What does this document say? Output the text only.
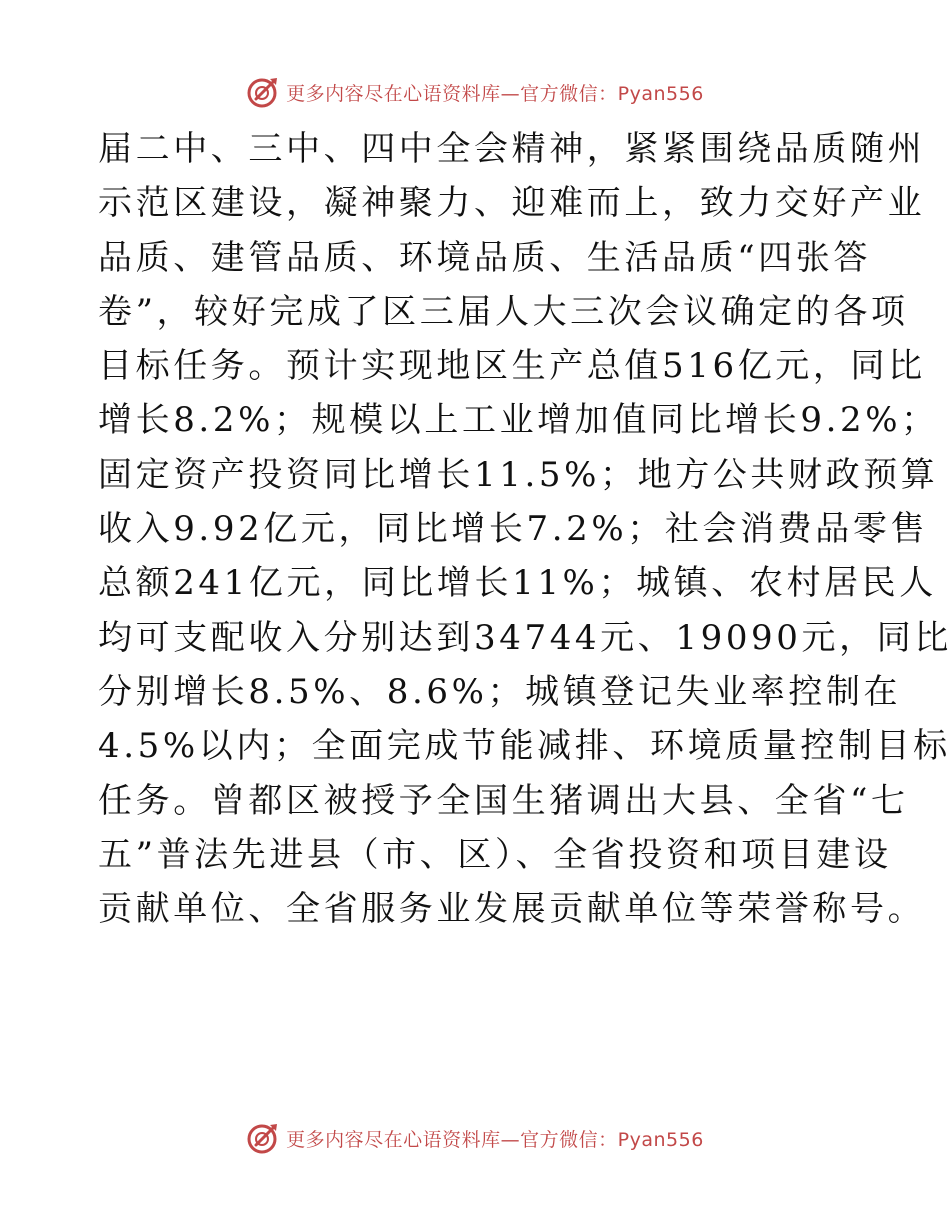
更多内容尽在心语资料库—官方微信：Pyan556
届二中、三中、四中全会精神，紧紧围绕品质随州
示范区建设，凝神聚力、迎难而上，致力交好产业
品质、建管品质、环境品质、生活品质“四张答
卷”，较好完成了区三届人大三次会议确定的各项
目标任务。预计实现地区生产总值516亿元，同比
增长8.2%；规模以上工业增加值同比增长9.2%；
固定资产投资同比增长11.5%；地方公共财政预算
收入9.92亿元，同比增长7.2%；社会消费品零售
总额241亿元，同比增长11%；城镇、农村居民人
均可支配收入分别达到34744元、19090元，同比
分别增长8.5%、8.6%；城镇登记失业率控制在
4.5%以内；全面完成节能减排、环境质量控制目标
任务。曾都区被授予全国生猪调出大县、全省“七
五”普法先进县（市、区）、全省投资和项目建设
贡献单位、全省服务业发展贡献单位等荣誉称号。
更多内容尽在心语资料库—官方微信：Pyan556
